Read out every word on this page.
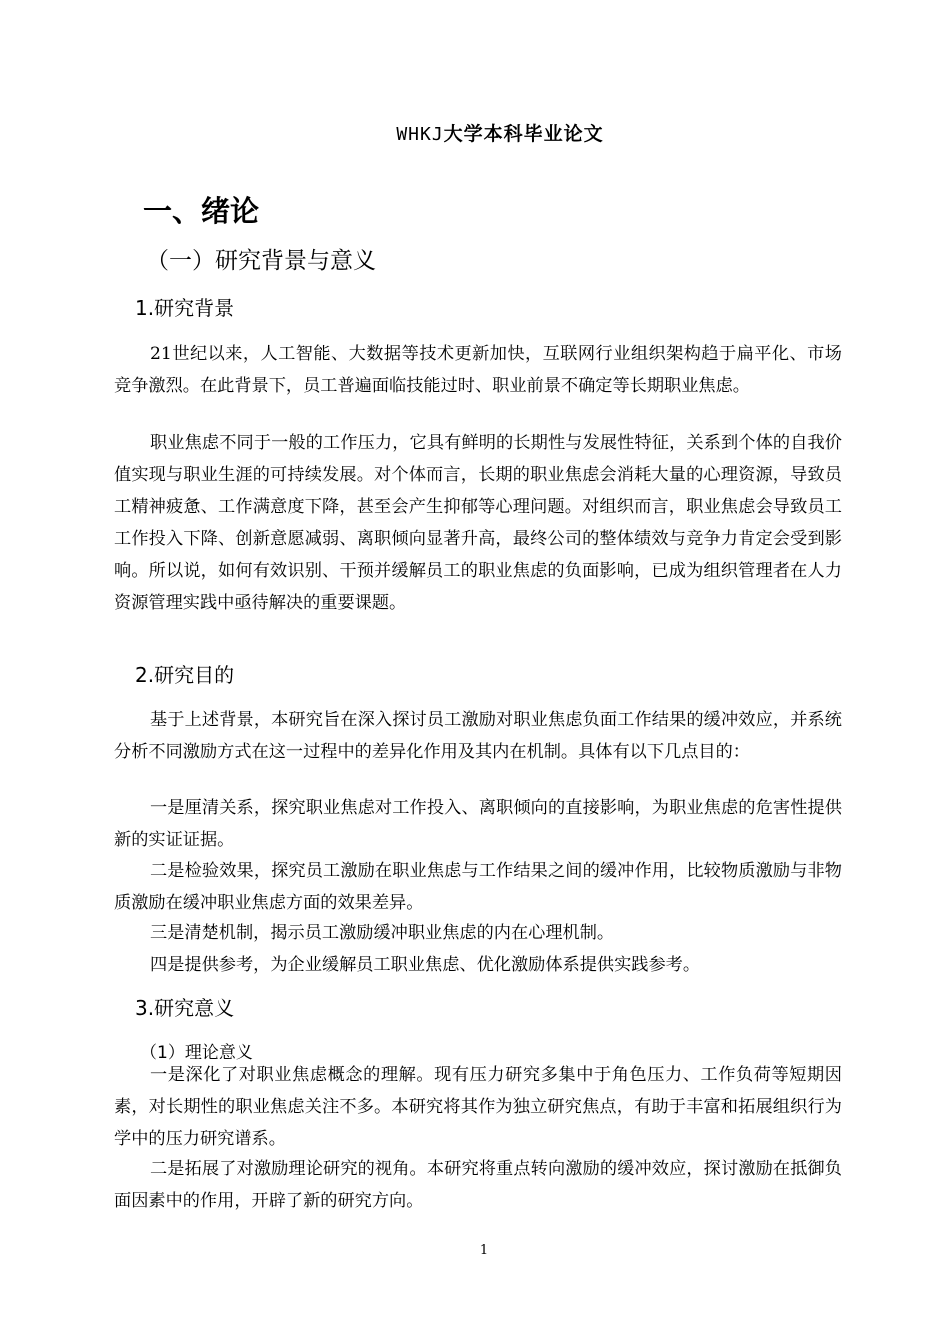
WHKJ大学本科毕业论文
一、绪论
（一）研究背景与意义
1.研究背景
21世纪以来，人工智能、大数据等技术更新加快，互联网行业组织架构趋于扁平化、市场竞争激烈。在此背景下，员工普遍面临技能过时、职业前景不确定等长期职业焦虑。
职业焦虑不同于一般的工作压力，它具有鲜明的长期性与发展性特征，关系到个体的自我价值实现与职业生涯的可持续发展。对个体而言，长期的职业焦虑会消耗大量的心理资源，导致员工精神疲惫、工作满意度下降，甚至会产生抑郁等心理问题。对组织而言，职业焦虑会导致员工工作投入下降、创新意愿减弱、离职倾向显著升高，最终公司的整体绩效与竞争力肯定会受到影响。所以说，如何有效识别、干预并缓解员工的职业焦虑的负面影响，已成为组织管理者在人力资源管理实践中亟待解决的重要课题。
2.研究目的
基于上述背景，本研究旨在深入探讨员工激励对职业焦虑负面工作结果的缓冲效应，并系统分析不同激励方式在这一过程中的差异化作用及其内在机制。具体有以下几点目的：
一是厘清关系，探究职业焦虑对工作投入、离职倾向的直接影响，为职业焦虑的危害性提供新的实证证据。
二是检验效果，探究员工激励在职业焦虑与工作结果之间的缓冲作用，比较物质激励与非物质激励在缓冲职业焦虑方面的效果差异。
三是清楚机制，揭示员工激励缓冲职业焦虑的内在心理机制。
四是提供参考，为企业缓解员工职业焦虑、优化激励体系提供实践参考。
3.研究意义
（1）理论意义
一是深化了对职业焦虑概念的理解。现有压力研究多集中于角色压力、工作负荷等短期因素，对长期性的职业焦虑关注不多。本研究将其作为独立研究焦点，有助于丰富和拓展组织行为学中的压力研究谱系。
二是拓展了对激励理论研究的视角。本研究将重点转向激励的缓冲效应，探讨激励在抵御负面因素中的作用，开辟了新的研究方向。
1
